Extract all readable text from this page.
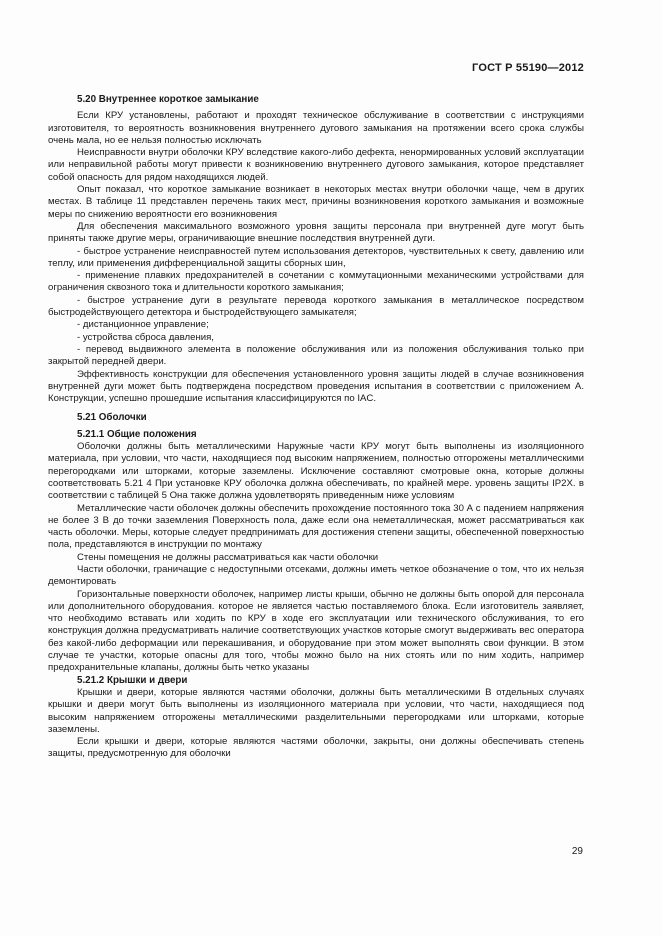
ГОСТ Р 55190—2012
5.20 Внутреннее короткое замыкание

Если КРУ установлены, работают и проходят техническое обслуживание в соответствии с инструкциями изготовителя, то вероятность возникновения внутреннего дугового замыкания на протяжении всего срока службы очень мала, но ее нельзя полностью исключать

Неисправности внутри оболочки КРУ вследствие какого-либо дефекта, ненормированных условий эксплуатации или неправильной работы могут привести к возникновению внутреннего дугового замыкания, которое представляет собой опасность для рядом находящихся людей.

Опыт показал, что короткое замыкание возникает в некоторых местах внутри оболочки чаще, чем в других местах. В таблице 11 представлен перечень таких мест, причины возникновения короткого замыкания и возможные меры по снижению вероятности его возникновения

Для обеспечения максимального возможного уровня защиты персонала при внутренней дуге могут быть приняты также другие меры, ограничивающие внешние последствия внутренней дуги.

- быстрое устранение неисправностей путем использования детекторов, чувствительных к свету, давлению или теплу, или применения дифференциальной защиты сборных шин,

- применение плавких предохранителей в сочетании с коммутационными механическими устройствами для ограничения сквозного тока и длительности короткого замыкания;

- быстрое устранение дуги в результате перевода короткого замыкания в металлическое посредством быстродействующего детектора и быстродействующего замыкателя;

- дистанционное управление;

- устройства сброса давления,

- перевод выдвижного элемента в положение обслуживания или из положения обслуживания только при закрытой передней двери.

Эффективность конструкции для обеспечения установленного уровня защиты людей в случае возникновения внутренней дуги может быть подтверждена посредством проведения испытания в соответствии с приложением А. Конструкции, успешно прошедшие испытания классифицируются по IAC.

5.21 Оболочки
5.21.1 Общие положения

Оболочки должны быть металлическими Наружные части КРУ могут быть выполнены из изоляционного материала, при условии, что части, находящиеся под высоким напряжением, полностью отгорожены металлическими перегородками или шторками, которые заземлены. Исключение составляют смотровые окна, которые должны соответствовать 5.21 4 При установке КРУ оболочка должна обеспечивать, по крайней мере. уровень защиты IP2X. в соответствии с таблицей 5 Она также должна удовлетворять приведенным ниже условиям

Металлические части оболочек должны обеспечить прохождение постоянного тока 30 А с падением напряжения не более 3 В до точки заземления Поверхность пола, даже если она неметаллическая, может рассматриваться как часть оболочки. Меры, которые следует предпринимать для достижения степени защиты, обеспеченной поверхностью пола, представляются в инструкции по монтажу

Стены помещения не должны рассматриваться как части оболочки

Части оболочки, граничащие с недоступными отсеками, должны иметь четкое обозначение о том, что их нельзя демонтировать

Горизонтальные поверхности оболочек, например листы крыши, обычно не должны быть опорой для персонала или дополнительного оборудования. которое не является частью поставляемого блока. Если изготовитель заявляет, что необходимо вставать или ходить по КРУ в ходе его эксплуатации или технического обслуживания, то его конструкция должна предусматривать наличие соответствующих участков которые смогут выдерживать вес оператора без какой-либо деформации или перекашивания, и оборудование при этом может выполнять свои функции. В этом случае те участки, которые опасны для того, чтобы можно было на них стоять или по ним ходить, например предохранительные клапаны, должны быть четко указаны

5.21.2 Крышки и двери

Крышки и двери, которые являются частями оболочки, должны быть металлическими В отдельных случаях крышки и двери могут быть выполнены из изоляционного материала при условии, что части, находящиеся под высоким напряжением отгорожены металлическими разделительными перегородками или шторками, которые заземлены.

Если крышки и двери, которые являются частями оболочки, закрыты, они должны обеспечивать степень защиты, предусмотренную для оболочки

29
